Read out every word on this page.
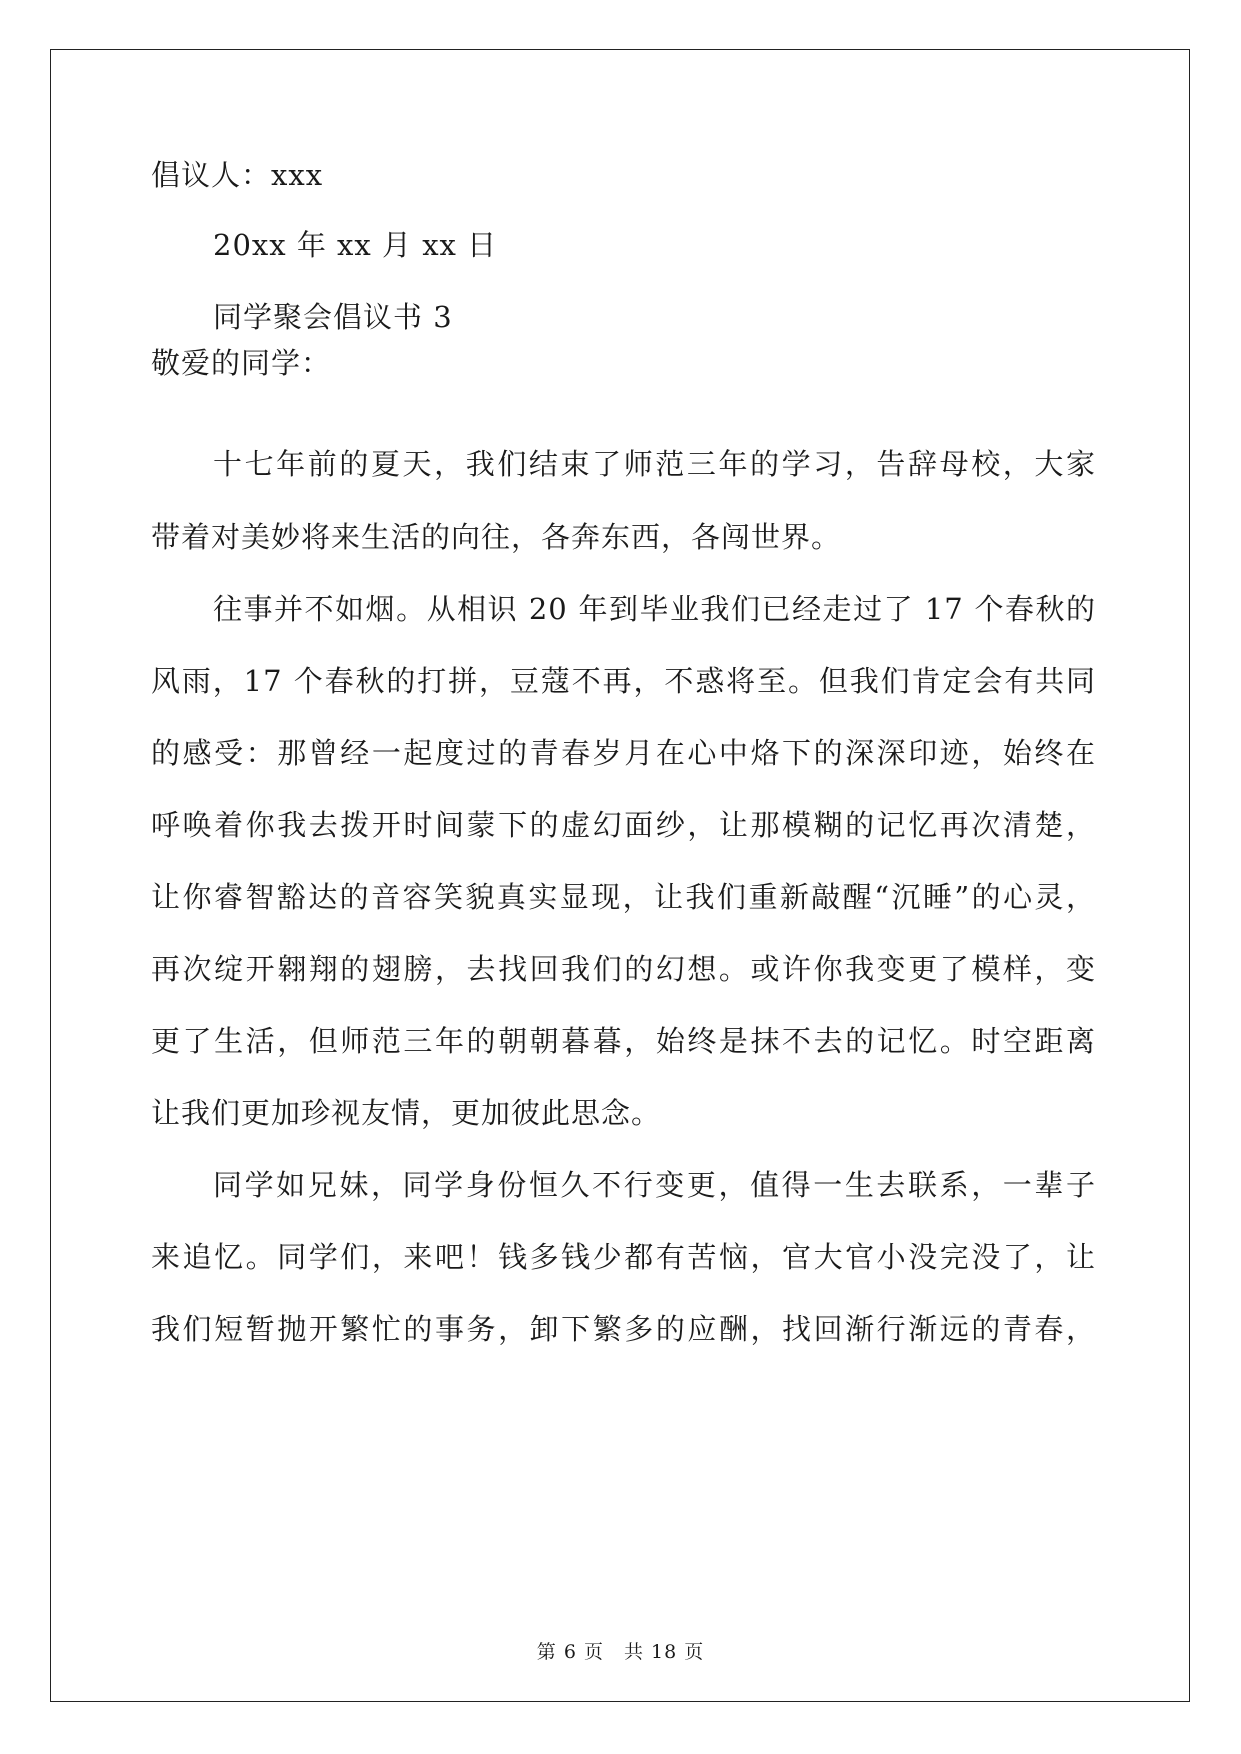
倡议人：xxx
20xx 年 xx 月 xx 日
同学聚会倡议书 3
敬爱的同学：
十七年前的夏天，我们结束了师范三年的学习，告辞母校，大家
带着对美妙将来生活的向往，各奔东西，各闯世界。
往事并不如烟。从相识 20 年到毕业我们已经走过了 17 个春秋的
风雨，17 个春秋的打拼，豆蔻不再，不惑将至。但我们肯定会有共同
的感受：那曾经一起度过的青春岁月在心中烙下的深深印迹，始终在
呼唤着你我去拨开时间蒙下的虚幻面纱，让那模糊的记忆再次清楚，
让你睿智豁达的音容笑貌真实显现，让我们重新敲醒“沉睡”的心灵，
再次绽开翱翔的翅膀，去找回我们的幻想。或许你我变更了模样，变
更了生活，但师范三年的朝朝暮暮，始终是抹不去的记忆。时空距离
让我们更加珍视友情，更加彼此思念。
同学如兄妹，同学身份恒久不行变更，值得一生去联系，一辈子
来追忆。同学们，来吧！钱多钱少都有苦恼，官大官小没完没了，让
我们短暂抛开繁忙的事务，卸下繁多的应酬，找回渐行渐远的青春，
第 6 页　共 18 页
